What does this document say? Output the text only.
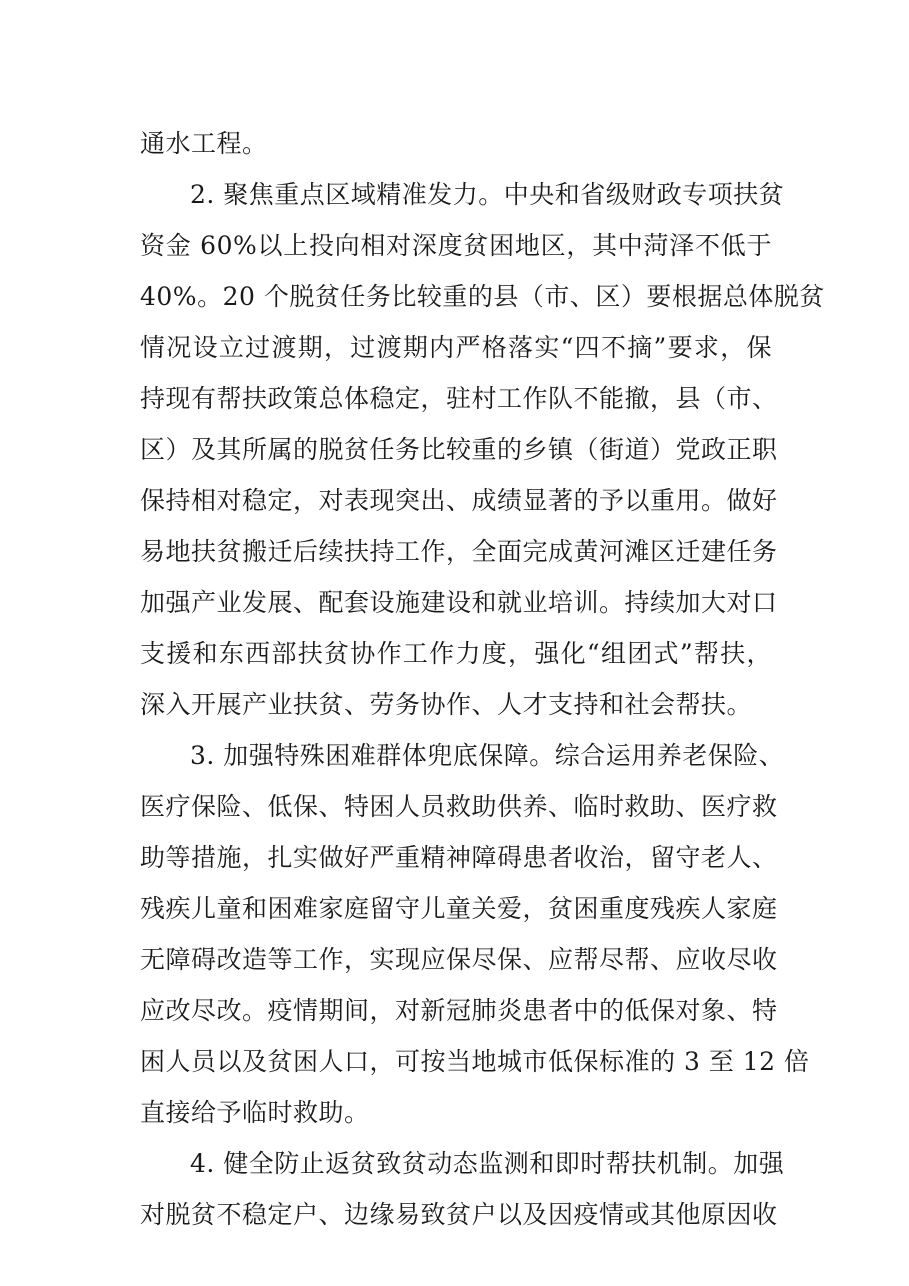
通水工程。
2. 聚焦重点区域精准发力。中央和省级财政专项扶贫
资金 60%以上投向相对深度贫困地区，其中菏泽不低于
40%。20 个脱贫任务比较重的县（市、区）要根据总体脱贫
情况设立过渡期，过渡期内严格落实“四不摘”要求，保
持现有帮扶政策总体稳定，驻村工作队不能撤，县（市、
区）及其所属的脱贫任务比较重的乡镇（街道）党政正职
保持相对稳定，对表现突出、成绩显著的予以重用。做好
易地扶贫搬迁后续扶持工作，全面完成黄河滩区迁建任务
加强产业发展、配套设施建设和就业培训。持续加大对口
支援和东西部扶贫协作工作力度，强化“组团式”帮扶，
深入开展产业扶贫、劳务协作、人才支持和社会帮扶。
3. 加强特殊困难群体兜底保障。综合运用养老保险、
医疗保险、低保、特困人员救助供养、临时救助、医疗救
助等措施，扎实做好严重精神障碍患者收治，留守老人、
残疾儿童和困难家庭留守儿童关爱，贫困重度残疾人家庭
无障碍改造等工作，实现应保尽保、应帮尽帮、应收尽收
应改尽改。疫情期间，对新冠肺炎患者中的低保对象、特
困人员以及贫困人口，可按当地城市低保标准的 3 至 12 倍
直接给予临时救助。
4. 健全防止返贫致贫动态监测和即时帮扶机制。加强
对脱贫不稳定户、边缘易致贫户以及因疫情或其他原因收
